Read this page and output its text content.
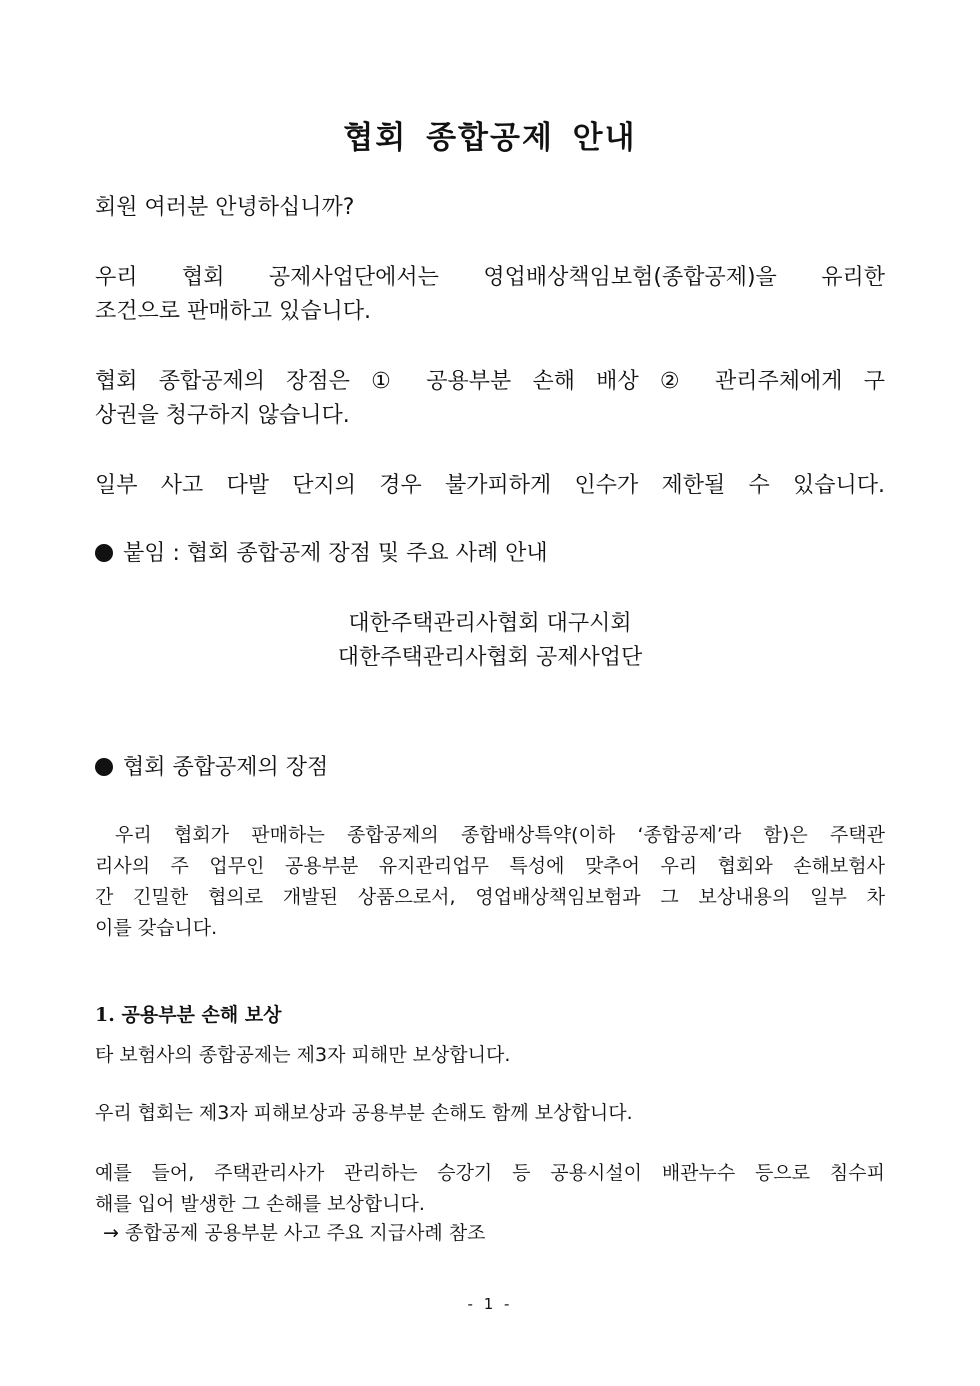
협회 종합공제 안내

회원 여러분 안녕하십니까?

우리 협회 공제사업단에서는 영업배상책임보험(종합공제)을 유리한

조건으로 판매하고 있습니다.

협회 종합공제의 장점은 ① 공용부분 손해 배상 ② 관리주체에게 구

상권을 청구하지 않습니다.

일부 사고 다발 단지의 경우 불가피하게 인수가 제한될 수 있습니다.

붙임 : 협회 종합공제 장점 및 주요 사례 안내

대한주택관리사협회 대구시회

대한주택관리사협회 공제사업단

협회 종합공제의 장점

우리 협회가 판매하는 종합공제의 종합배상특약(이하 ‘종합공제’라 함)은 주택관

리사의 주 업무인 공용부분 유지관리업무 특성에 맞추어 우리 협회와 손해보험사

간 긴밀한 협의로 개발된 상품으로서, 영업배상책임보험과 그 보상내용의 일부 차

이를 갖습니다.

1. 공용부분 손해 보상

타 보험사의 종합공제는 제3자 피해만 보상합니다.

우리 협회는 제3자 피해보상과 공용부분 손해도 함께 보상합니다.

예를 들어, 주택관리사가 관리하는 승강기 등 공용시설이 배관누수 등으로 침수피

해를 입어 발생한 그 손해를 보상합니다.

→ 종합공제 공용부분 사고 주요 지급사례 참조

- 1 -
